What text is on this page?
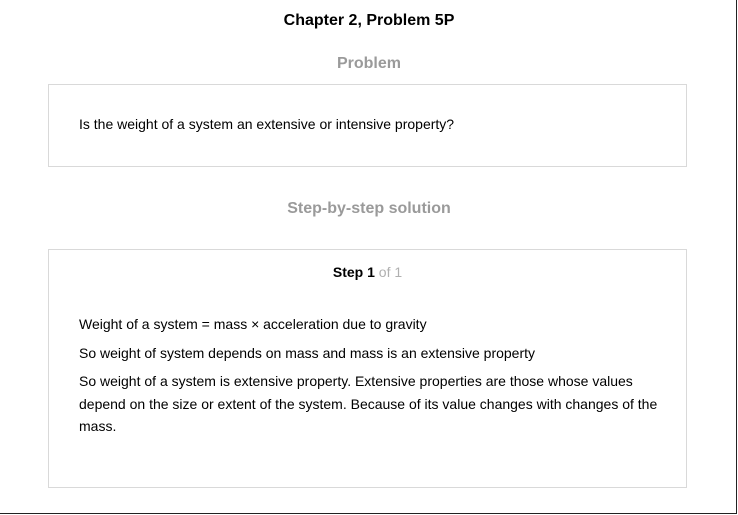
Chapter 2, Problem 5P
Problem
Is the weight of a system an extensive or intensive property?
Step-by-step solution
Step 1 of 1

Weight of a system = mass × acceleration due to gravity

So weight of system depends on mass and mass is an extensive property

So weight of a system is extensive property. Extensive properties are those whose values depend on the size or extent of the system. Because of its value changes with changes of the mass.
